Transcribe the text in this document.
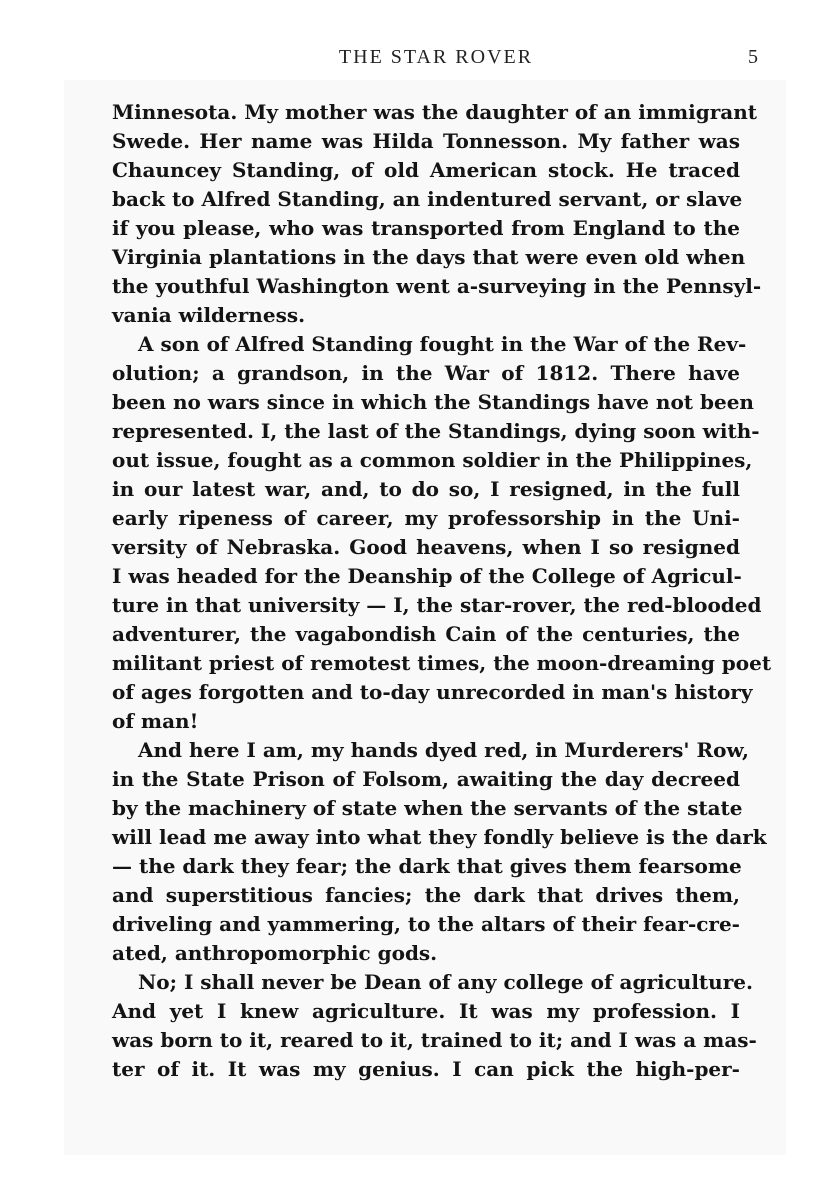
THE STAR ROVER	5
Minnesota. My mother was the daughter of an immigrant
Swede. Her name was Hilda Tonnesson. My father was
Chauncey Standing, of old American stock. He traced
back to Alfred Standing, an indentured servant, or slave
if you please, who was transported from England to the
Virginia plantations in the days that were even old when
the youthful Washington went a-surveying in the Pennsyl-
vania wilderness.
A son of Alfred Standing fought in the War of the Rev-
olution; a grandson, in the War of 1812. There have
been no wars since in which the Standings have not been
represented. I, the last of the Standings, dying soon with-
out issue, fought as a common soldier in the Philippines,
in our latest war, and, to do so, I resigned, in the full
early ripeness of career, my professorship in the Uni-
versity of Nebraska. Good heavens, when I so resigned
I was headed for the Deanship of the College of Agricul-
ture in that university — I, the star-rover, the red-blooded
adventurer, the vagabondish Cain of the centuries, the
militant priest of remotest times, the moon-dreaming poet
of ages forgotten and to-day unrecorded in man's history
of man!
And here I am, my hands dyed red, in Murderers' Row,
in the State Prison of Folsom, awaiting the day decreed
by the machinery of state when the servants of the state
will lead me away into what they fondly believe is the dark
— the dark they fear; the dark that gives them fearsome
and superstitious fancies; the dark that drives them,
driveling and yammering, to the altars of their fear-cre-
ated, anthropomorphic gods.
No; I shall never be Dean of any college of agriculture.
And yet I knew agriculture. It was my profession. I
was born to it, reared to it, trained to it; and I was a mas-
ter of it. It was my genius. I can pick the high-per-
